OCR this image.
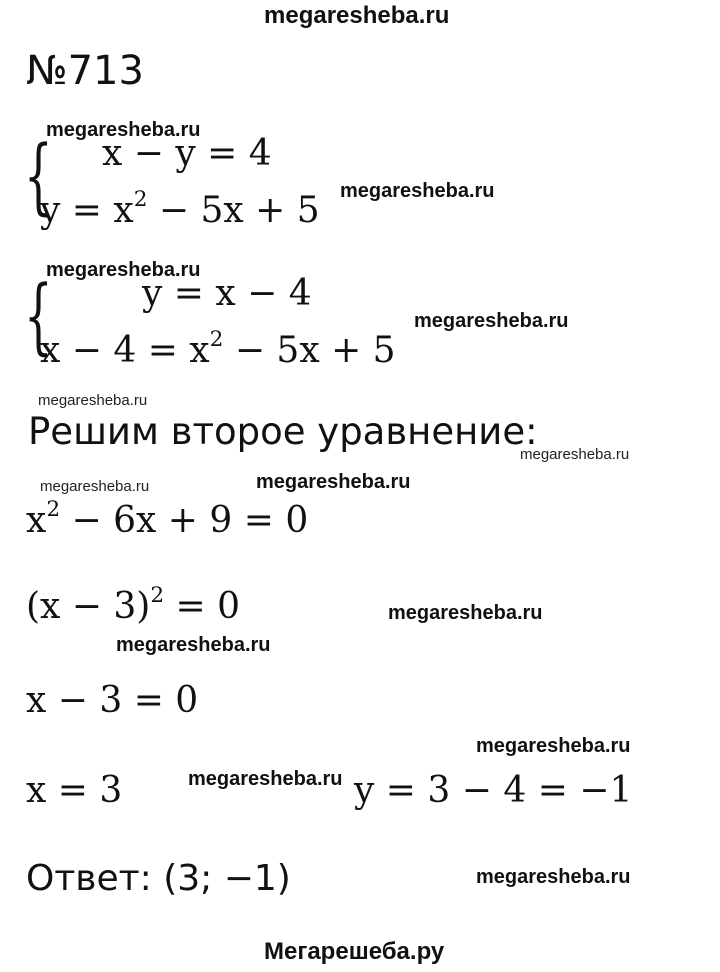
megaresheba.ru
№713
{
megaresheba.ru
x − y = 4
$y = x^2 - 5x + 5$ megaresheba.ru
{
megaresheba.ru
y = x − 4
$x - 4 = x^2 - 5x + 5$
megaresheba.ru
megaresheba.ru
Решим второе уравнение:
megaresheba.ru
megaresheba.ru	megaresheba.ru
$x^2 - 6x + 9 = 0$
$(x - 3)^2 = 0$	megaresheba.ru
megaresheba.ru
x − 3 = 0
megaresheba.ru
x = 3	megaresheba.ru y = 3 − 4 = −1
Ответ: (3; −1)	megaresheba.ru
Мегарешеба.ру
